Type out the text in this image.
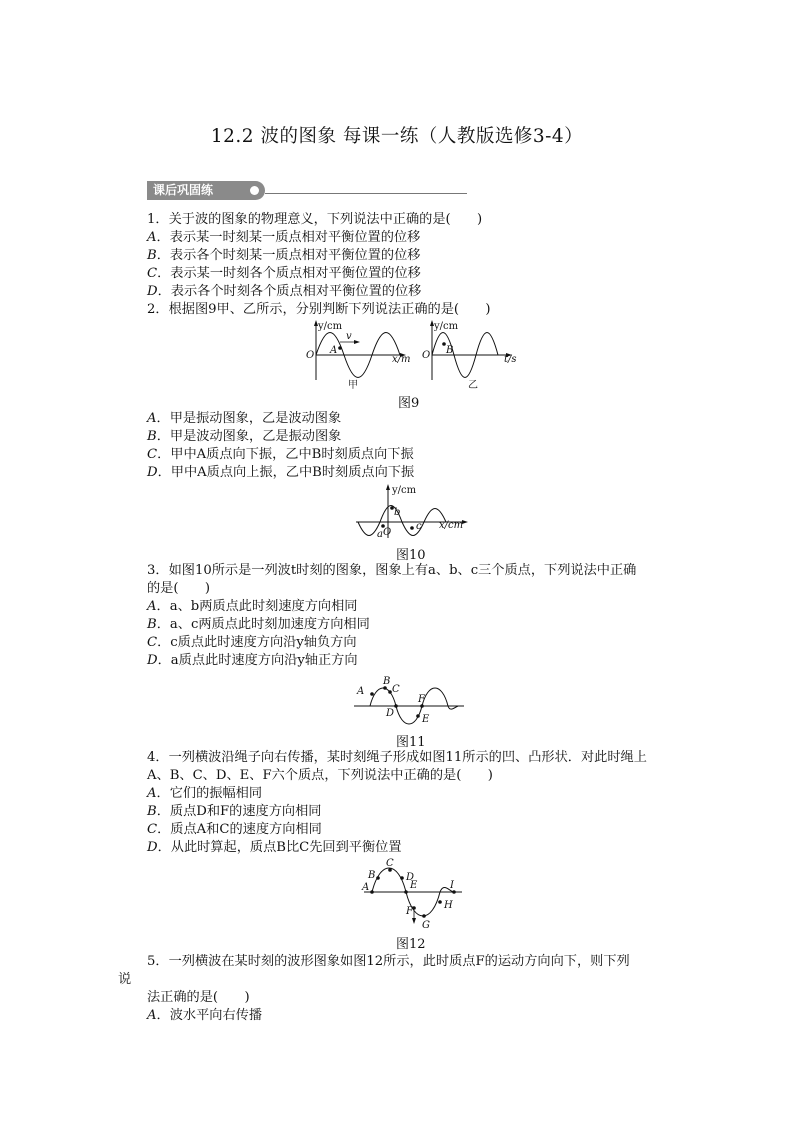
12.2 波的图象 每课一练（人教版选修3-4）
课后巩固练
1．关于波的图象的物理意义，下列说法中正确的是(　　)
A．表示某一时刻某一质点相对平衡位置的位移
B．表示各个时刻某一质点相对平衡位置的位移
C．表示某一时刻各个质点相对平衡位置的位移
D．表示各个时刻各个质点相对平衡位置的位移
2．根据图9甲、乙所示，分别判断下列说法正确的是(　　)
y/cm
O A
v
x/m
甲
y/cm
O B
t/s
乙
图9
A．甲是振动图象，乙是波动图象
B．甲是波动图象，乙是振动图象
C．甲中A质点向下振，乙中B时刻质点向下振
D．甲中A质点向上振，乙中B时刻质点向下振
y/cm
O
a
b
c x/cm
图10
3．如图10所示是一列波t时刻的图象，图象上有a、b、c三个质点，下列说法中正确
的是(　　)
A．a、b两质点此时刻速度方向相同
B．a、c两质点此时刻加速度方向相同
C．c质点此时速度方向沿y轴负方向
D．a质点此时速度方向沿y轴正方向
A
B
C
D
E
F
图11
4．一列横波沿绳子向右传播，某时刻绳子形成如图11所示的凹、凸形状．对此时绳上
A、B、C、D、E、F六个质点，下列说法中正确的是(　　)
A．它们的振幅相同
B．质点D和F的速度方向相同
C．质点A和C的速度方向相同
D．从此时算起，质点B比C先回到平衡位置
A
B
C
D
E
F
G
H
I
图12
5．一列横波在某时刻的波形图象如图12所示，此时质点F的运动方向向下，则下列
说
法正确的是(　　)
A．波水平向右传播
